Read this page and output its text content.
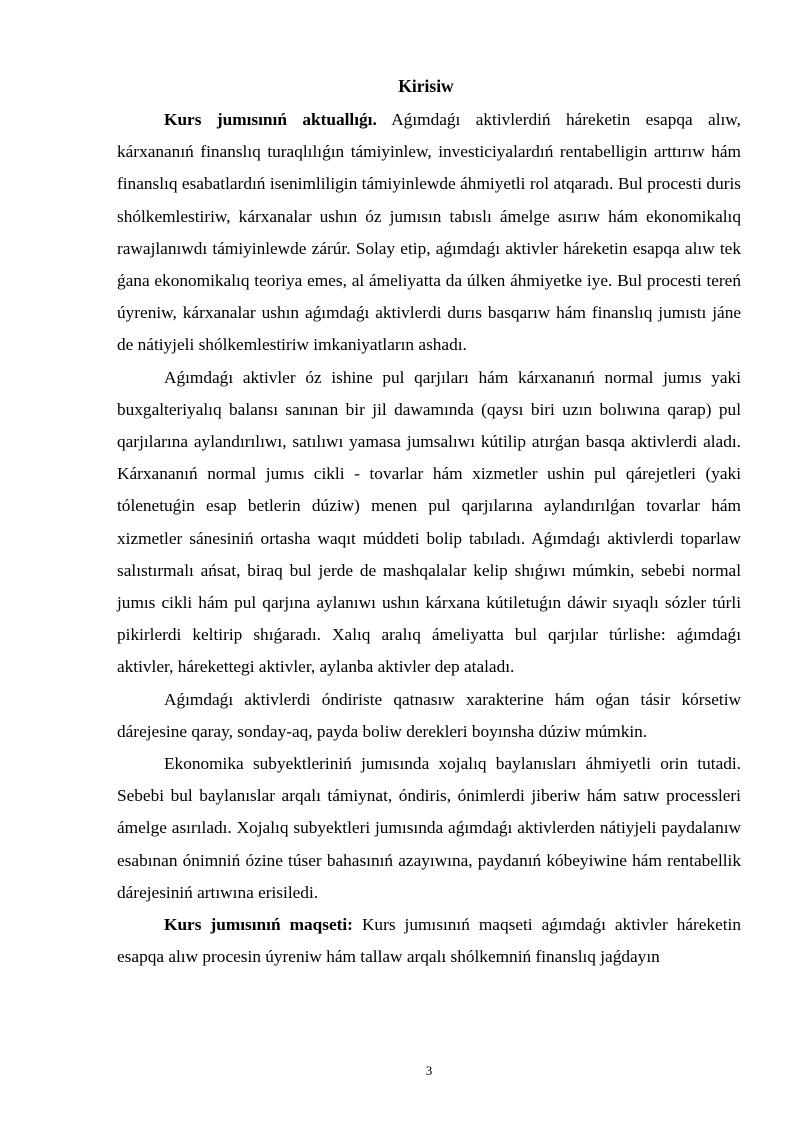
Kirisiw

Kurs jumısınıń aktuallıǵı. Aǵımdaǵı aktivlerdiń háreketin esapqa alıw, kárxananıń finanslıq turaqlılıǵın támiyinlew, investiciyalardıń rentabelligin arttırıw hám finanslıq esabatlardıń isenimliligin támiyinlewde áhmiyetli rol atqaradı. Bul procesti duris shólkemlestiriw, kárxanalar ushın óz jumısın tabıslı ámelge asırıw hám ekonomikalıq rawajlanıwdı támiyinlewde zárúr. Solay etip, aǵımdaǵı aktivler háreketin esapqa alıw tek ǵana ekonomikalıq teoriya emes, al ámeliyatta da úlken áhmiyetke iye. Bul procesti tereń úyreniw, kárxanalar ushın aǵımdaǵı aktivlerdi durıs basqarıw hám finanslıq jumıstı jáne de nátiyjeli shólkemlestiriw imkaniyatların ashadı.

Aǵımdaǵı aktivler óz ishine pul qarjıları hám kárxananıń normal jumıs yaki buxgalteriyalıq balansı sanınan bir jil dawamında (qaysı biri uzın bolıwına qarap) pul qarjılarına aylandırılıwı, satılıwı yamasa jumsalıwı kútilip atırǵan basqa aktivlerdi aladı. Kárxananıń normal jumıs cikli - tovarlar hám xizmetler ushin pul qárejetleri (yaki tólenetuǵin esap betlerin dúziw) menen pul qarjılarına aylandırılǵan tovarlar hám xizmetler sánesiniń ortasha waqıt múddeti bolip tabıladı. Aǵımdaǵı aktivlerdi toparlaw salıstırmalı ańsat, biraq bul jerde de mashqalalar kelip shıǵıwı múmkin, sebebi normal jumıs cikli hám pul qarjına aylanıwı ushın kárxana kútiletuǵın dáwir sıyaqlı sózler túrli pikirlerdi keltirip shıǵaradı. Xalıq aralıq ámeliyatta bul qarjılar túrlishe: aǵımdaǵı aktivler, hárekettegi aktivler, aylanba aktivler dep ataladı.

Aǵımdaǵı aktivlerdi óndiriste qatnasıw xarakterine hám oǵan tásir kórsetiw dárejesine qaray, sonday-aq, payda boliw derekleri boyınsha dúziw múmkin.

Ekonomika subyektleriniń jumısında xojalıq baylanısları áhmiyetli orin tutadi. Sebebi bul baylanıslar arqalı támiynat, óndiris, ónimlerdi jiberiw hám satıw processleri ámelge asırıladı. Xojalıq subyektleri jumısında aǵımdaǵı aktivlerden nátiyjeli paydalanıw esabınan ónimniń ózine túser bahasınıń azayıwına, paydanıń kóbeyiwine hám rentabellik dárejesiniń artıwına erisiledi.

Kurs jumısınıń maqseti: Kurs jumısınıń maqseti aǵımdaǵı aktivler háreketin esapqa alıw procesin úyreniw hám tallaw arqalı shólkemniń finanslıq jaǵdayın

3
